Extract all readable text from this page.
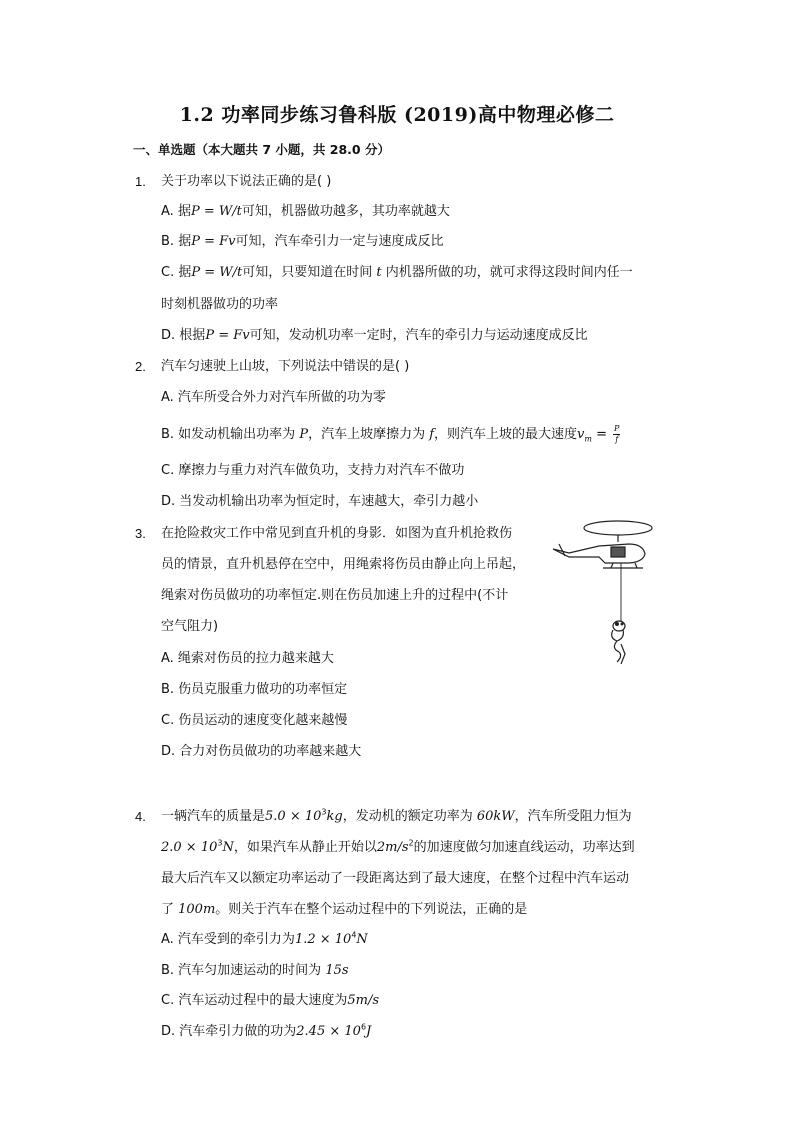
1.2 功率同步练习鲁科版 (2019)高中物理必修二
一、单选题（本大题共 7 小题，共 28.0 分）
1. 关于功率以下说法正确的是( )
A. 据P = W/t可知，机器做功越多，其功率就越大
B. 据P = Fv可知，汽车牵引力一定与速度成反比
C. 据P = W/t可知，只要知道在时间 t 内机器所做的功，就可求得这段时间内任一
时刻机器做功的功率
D. 根据P = Fv可知，发动机功率一定时，汽车的牵引力与运动速度成反比
2. 汽车匀速驶上山坡，下列说法中错误的是( )
A. 汽车所受合外力对汽车所做的功为零
B. 如发动机输出功率为 P，汽车上坡摩擦力为 f，则汽车上坡的最大速度$v_m = \frac{P}{f}$
C. 摩擦力与重力对汽车做负功，支持力对汽车不做功
D. 当发动机输出功率为恒定时，车速越大，牵引力越小
3. 在抢险救灾工作中常见到直升机的身影．如图为直升机抢救伤
员的情景，直升机悬停在空中，用绳索将伤员由静止向上吊起，
绳索对伤员做功的功率恒定.则在伤员加速上升的过程中(不计
空气阻力)
A. 绳索对伤员的拉力越来越大
B. 伤员克服重力做功的功率恒定
C. 伤员运动的速度变化越来越慢
D. 合力对伤员做功的功率越来越大
4. 一辆汽车的质量是$5.0 \times 10^3kg$，发动机的额定功率为 60kW，汽车所受阻力恒为
$2.0 \times 10^3N$，如果汽车从静止开始以$2m/s^2$的加速度做匀加速直线运动，功率达到
最大后汽车又以额定功率运动了一段距离达到了最大速度，在整个过程中汽车运动
了 100m。则关于汽车在整个运动过程中的下列说法，正确的是
A. 汽车受到的牵引力为$1.2 \times 10^4N$
B. 汽车匀加速运动的时间为 15s
C. 汽车运动过程中的最大速度为5m/s
D. 汽车牵引力做的功为$2.45 \times 10^6J$
